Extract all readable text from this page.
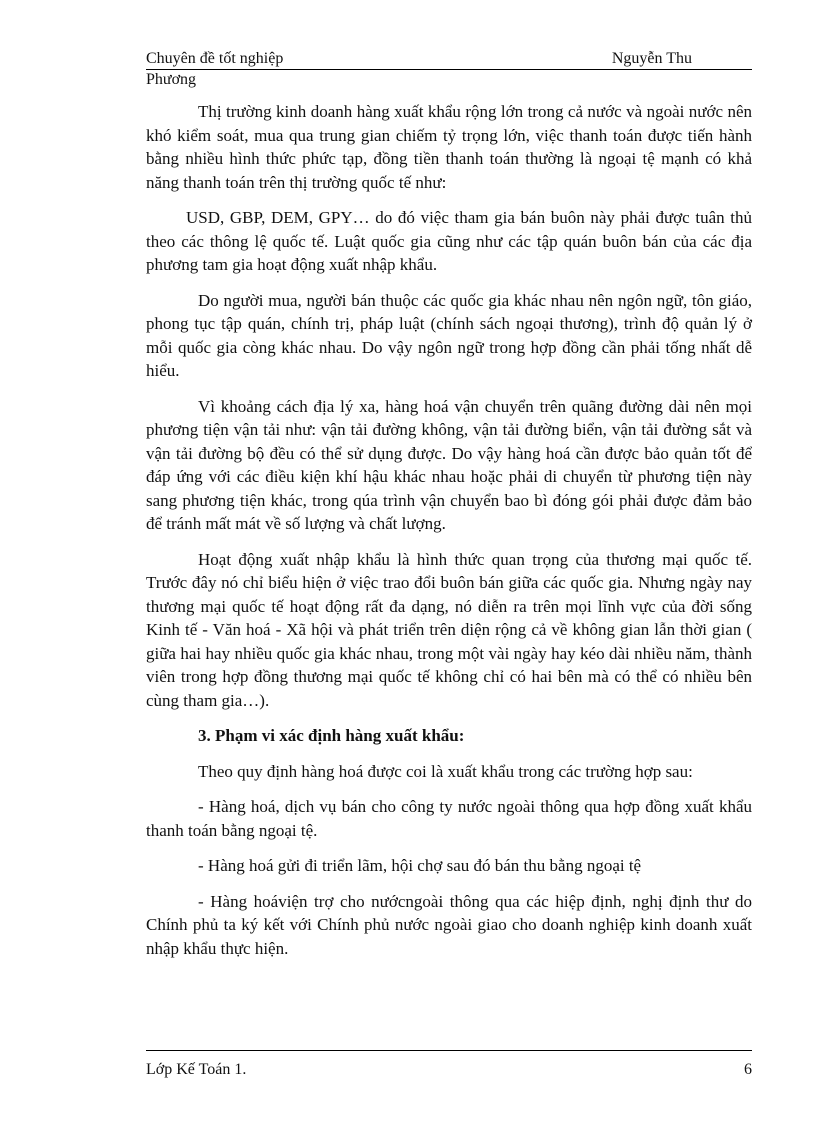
Chuyên đề tốt nghiệp	Nguyễn Thu
Phương

Thị trường kinh doanh hàng xuất khẩu rộng lớn trong cả nước và ngoài nước nên khó kiểm soát, mua qua trung gian chiếm tỷ trọng lớn, việc thanh toán được tiến hành bằng nhiều hình thức phức tạp, đồng tiền thanh toán thường là ngoại tệ mạnh có khả năng thanh toán trên thị trường quốc tế như:

USD, GBP, DEM, GPY… do đó việc tham gia bán buôn này phải được tuân thủ theo các thông lệ quốc tế. Luật quốc gia cũng như các tập quán buôn bán của các địa phương tam gia hoạt động xuất nhập khẩu.

Do người mua, người bán thuộc các quốc gia khác nhau nên ngôn ngữ, tôn giáo, phong tục tập quán, chính trị, pháp luật (chính sách ngoại thương), trình độ quản lý ở mỗi quốc gia còng khác nhau. Do vậy ngôn ngữ trong hợp đồng cần phải tống nhất dễ hiểu.

Vì khoảng cách địa lý xa, hàng hoá vận chuyển trên quãng đường dài nên mọi phương tiện vận tải như: vận tải đường không, vận tải đường biển, vận tải đường sắt và vận tải đường bộ đều có thể sử dụng được. Do vậy hàng hoá cần được bảo quản tốt để đáp ứng với các điều kiện khí hậu khác nhau hoặc phải di chuyển từ phương tiện này sang phương tiện khác, trong qúa trình vận chuyển bao bì đóng gói phải được đảm bảo để tránh mất mát về số lượng và chất lượng.

Hoạt động xuất nhập khẩu là hình thức quan trọng của thương mại quốc tế. Trước đây nó chỉ biểu hiện ở việc trao đổi buôn bán giữa các quốc gia. Nhưng ngày nay thương mại quốc tế hoạt động rất đa dạng, nó diễn ra trên mọi lĩnh vực của đời sống Kinh tế - Văn hoá - Xã hội và phát triển trên diện rộng cả về không gian lẫn thời gian ( giữa hai hay nhiều quốc gia khác nhau, trong một vài ngày hay kéo dài nhiều năm, thành viên trong hợp đồng thương mại quốc tế không chỉ có hai bên mà có thể có nhiều bên cùng tham gia…).

3. Phạm vi xác định hàng xuất khẩu:

Theo quy định hàng hoá được coi là xuất khẩu trong các trường hợp sau:

- Hàng hoá, dịch vụ bán cho công ty nước ngoài thông qua hợp đồng xuất khẩu thanh toán bằng ngoại tệ.

- Hàng hoá gửi đi triển lãm, hội chợ sau đó bán thu bằng ngoại tệ

- Hàng hoáviện trợ cho nướcngoài thông qua các hiệp định, nghị định thư do Chính phủ ta ký kết với Chính phủ nước ngoài giao cho doanh nghiệp kinh doanh xuất nhập khẩu thực hiện.

Lớp Kế Toán 1.	6
